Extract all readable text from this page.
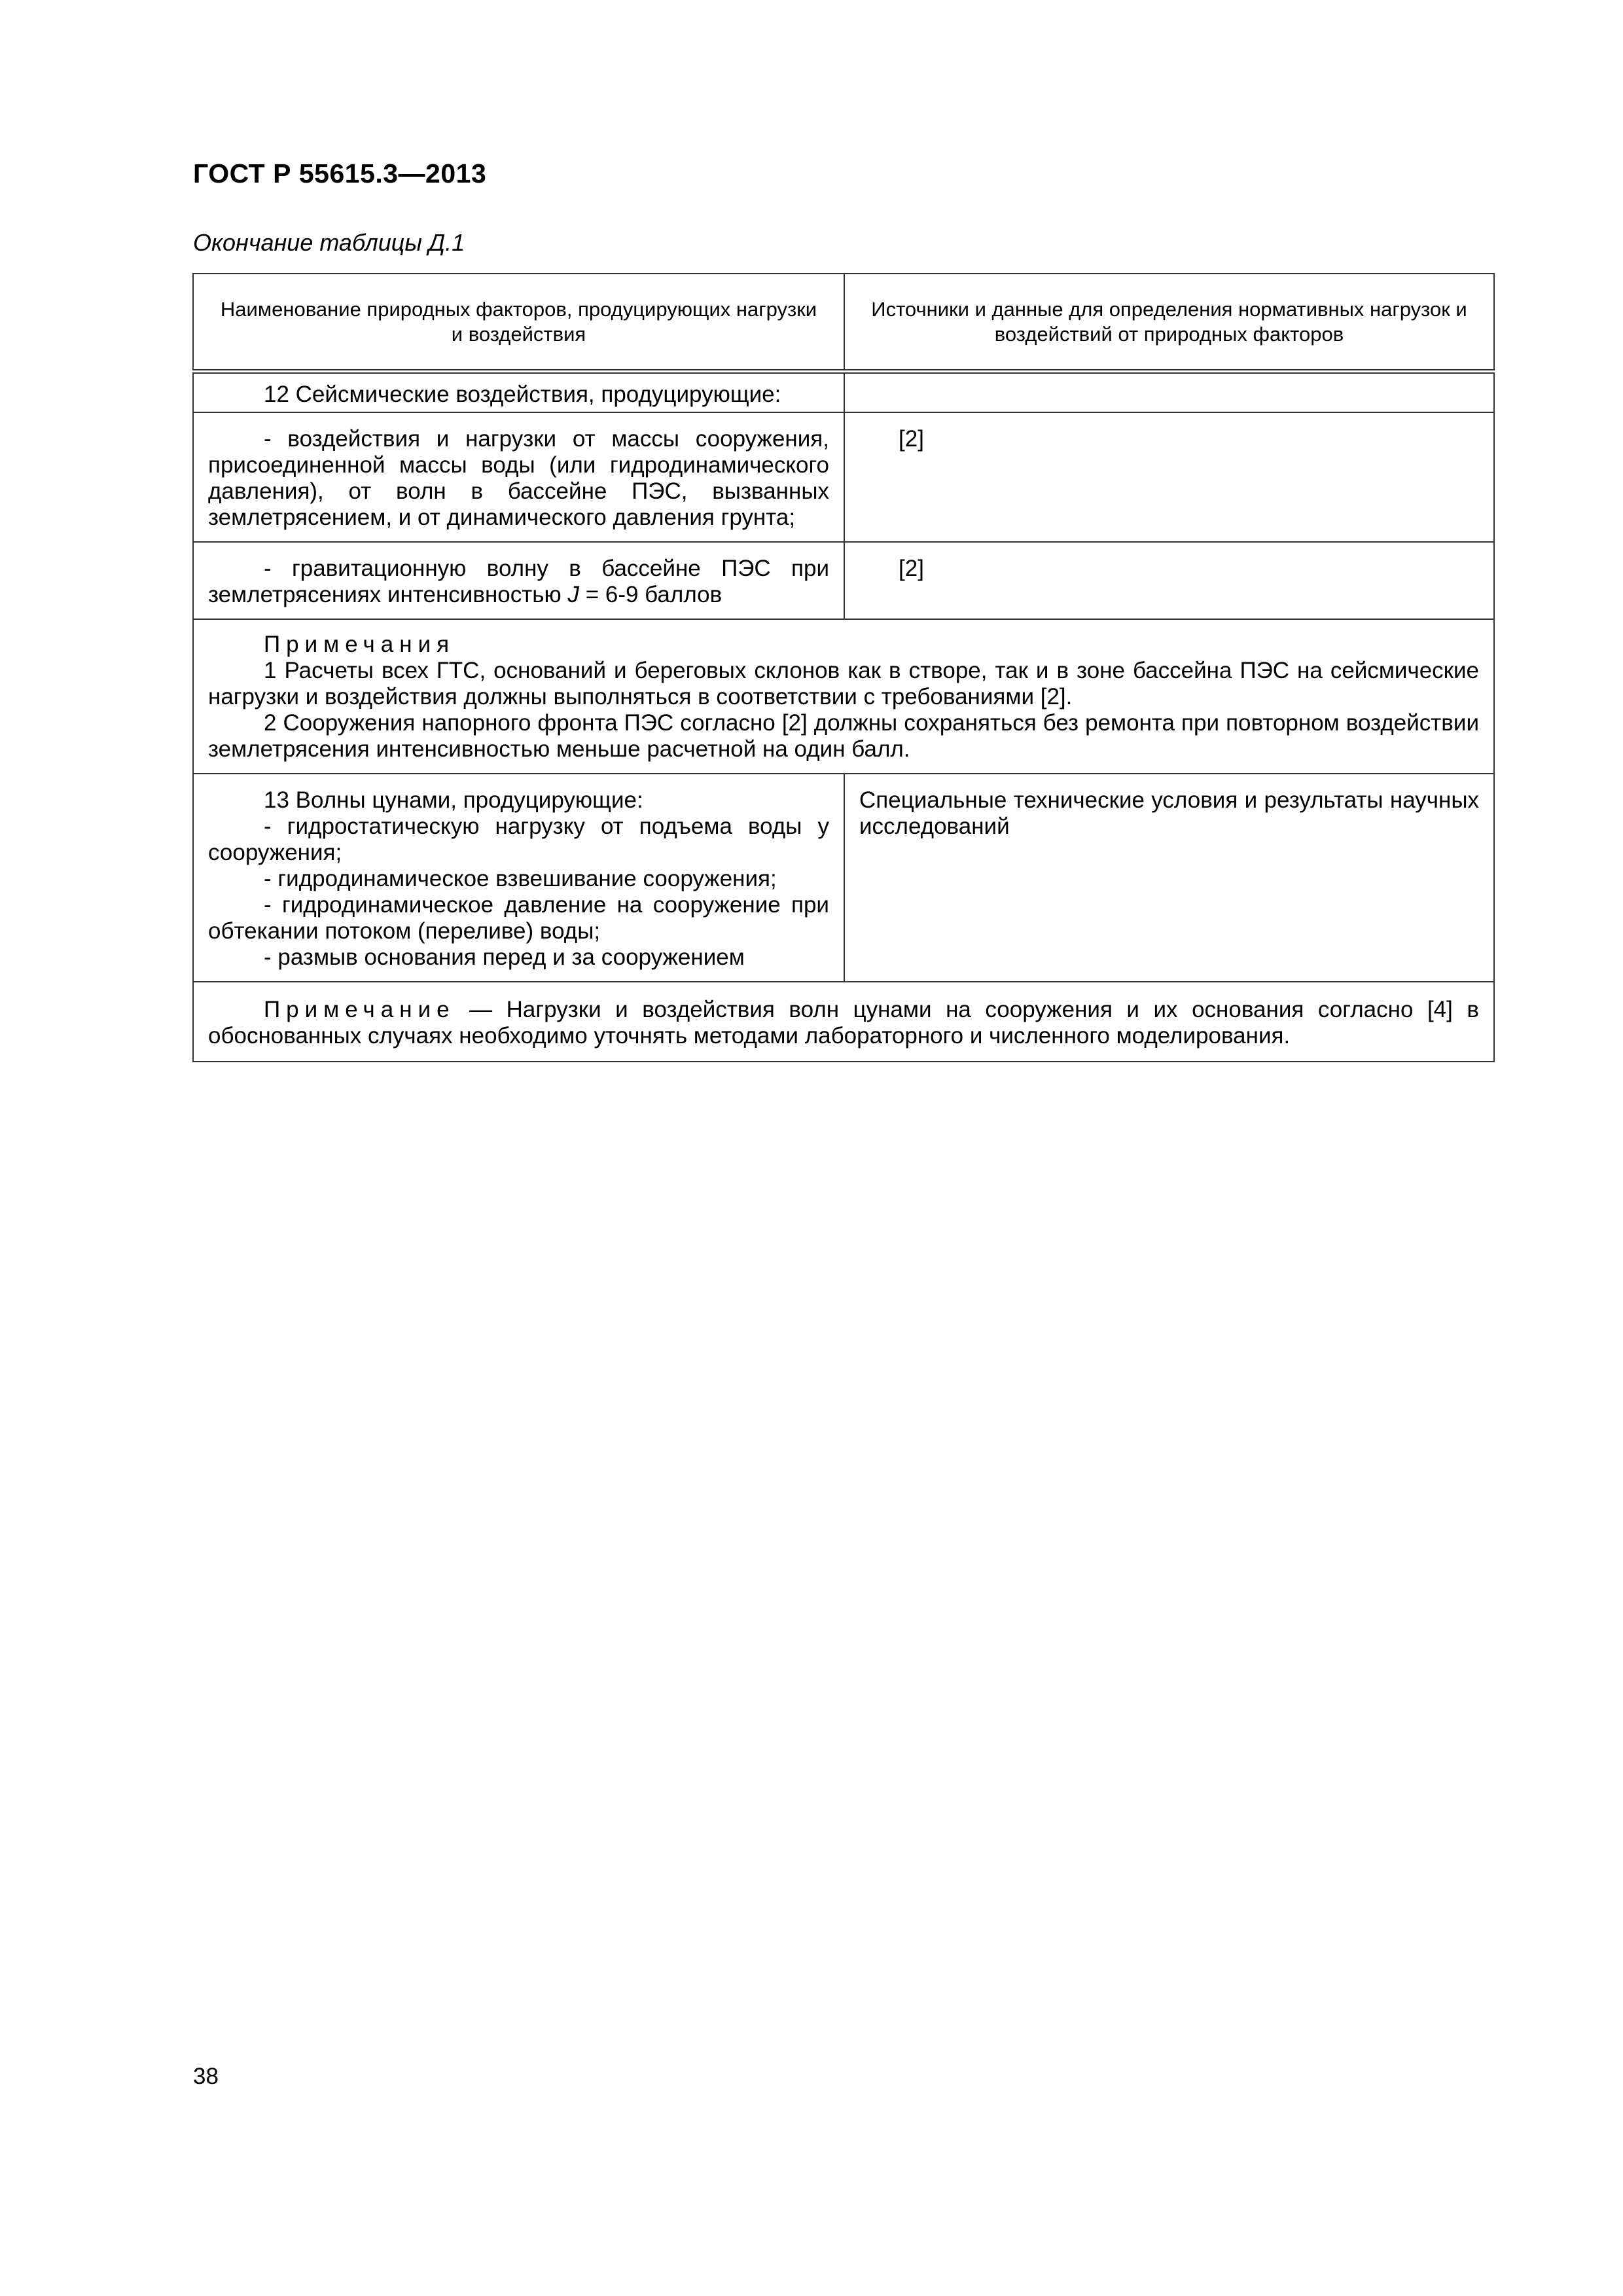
ГОСТ Р 55615.3—2013
Окончание таблицы Д.1
Наименование природных факторов, продуцирующих нагрузки и воздействия	Источники и данные для определения нормативных нагрузок и воздействий от природных факторов

12 Сейсмические воздействия, продуцирующие:	

- воздействия и нагрузки от массы сооружения, присоединенной массы воды (или гидродинамического давления), от волн в бассейне ПЭС, вызванных землетрясением, и от динамического давления грунта;	[2]

- гравитационную волну в бассейне ПЭС при землетрясениях интенсивностью J = 6-9 баллов	[2]

Примечания
1 Расчеты всех ГТС, оснований и береговых склонов как в створе, так и в зоне бассейна ПЭС на сейсмические нагрузки и воздействия должны выполняться в соответствии с требованиями [2].
2 Сооружения напорного фронта ПЭС согласно [2] должны сохраняться без ремонта при повторном воздействии землетрясения интенсивностью меньше расчетной на один балл.	

13 Волны цунами, продуцирующие:
- гидростатическую нагрузку от подъема воды у сооружения;
- гидродинамическое взвешивание сооружения;
- гидродинамическое давление на сооружение при обтекании потоком (переливе) воды;
- размыв основания перед и за сооружением	Специальные технические условия и результаты научных исследований

Примечание — Нагрузки и воздействия волн цунами на сооружения и их основания согласно [4] в обоснованных случаях необходимо уточнять методами лабораторного и численного моделирования.	
38
